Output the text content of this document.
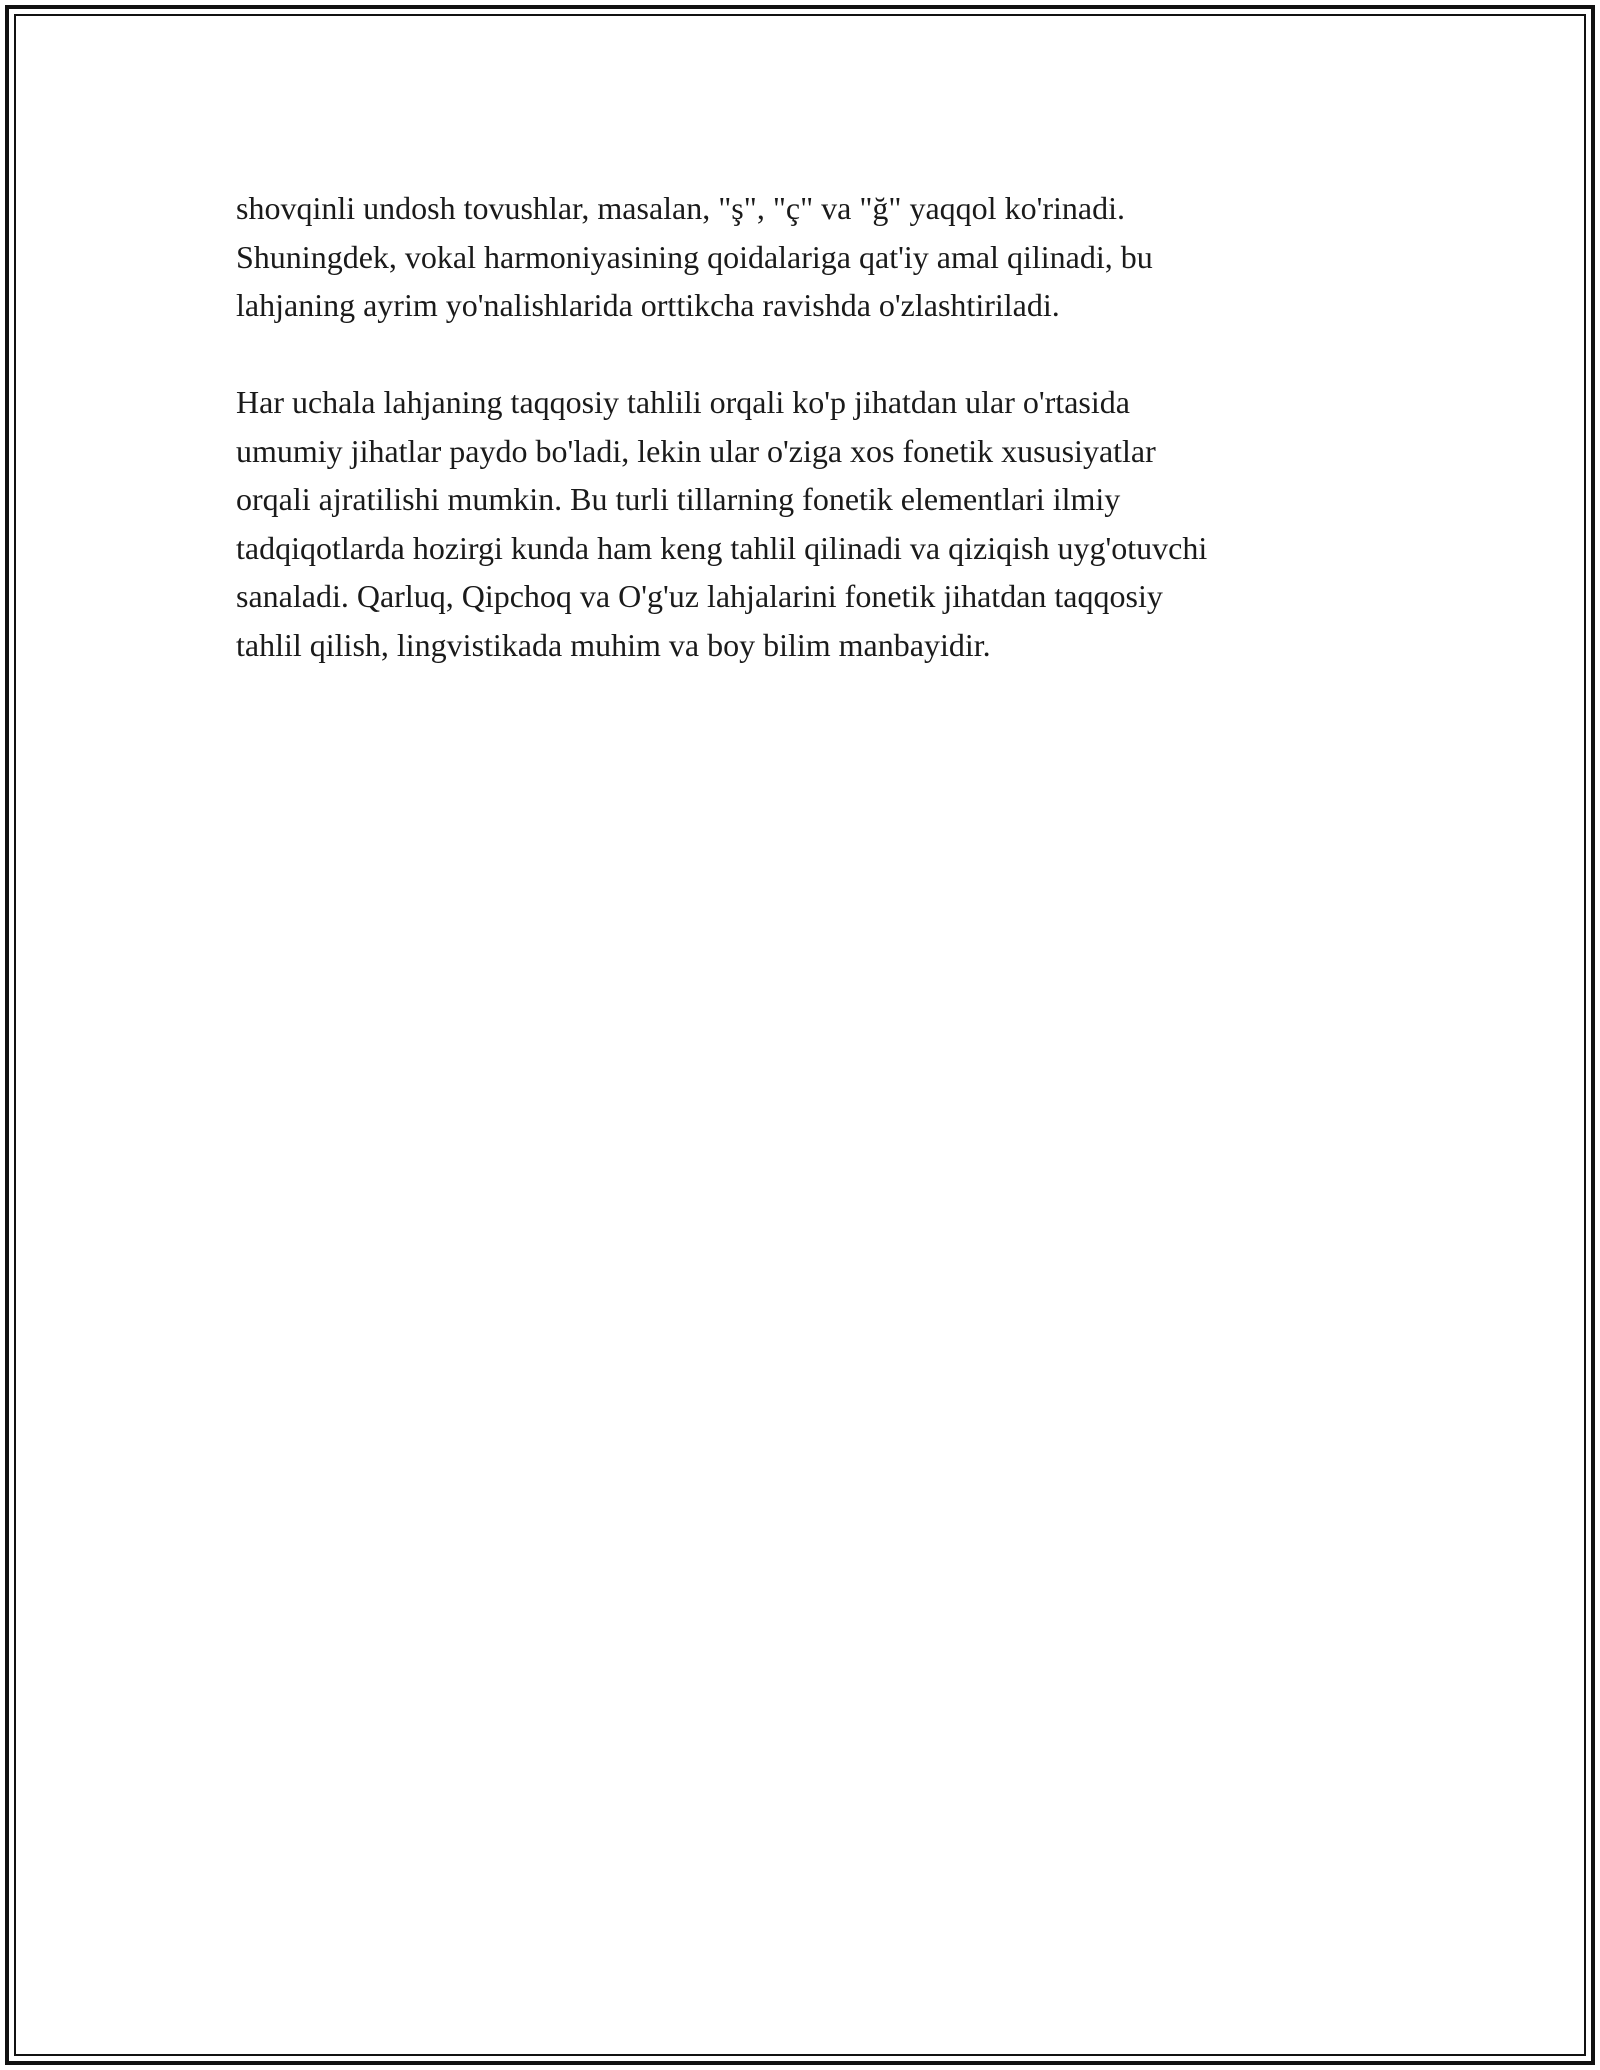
shovqinli undosh tovushlar, masalan, "ş", "ç" va "ğ" yaqqol ko'rinadi.
Shuningdek, vokal harmoniyasining qoidalariga qat'iy amal qilinadi, bu
lahjaning ayrim yo'nalishlarida orttikcha ravishda o'zlashtiriladi.

Har uchala lahjaning taqqosiy tahlili orqali ko'p jihatdan ular o'rtasida
umumiy jihatlar paydo bo'ladi, lekin ular o'ziga xos fonetik xususiyatlar
orqali ajratilishi mumkin. Bu turli tillarning fonetik elementlari ilmiy
tadqiqotlarda hozirgi kunda ham keng tahlil qilinadi va qiziqish uyg'otuvchi
sanaladi. Qarluq, Qipchoq va O'g'uz lahjalarini fonetik jihatdan taqqosiy
tahlil qilish, lingvistikada muhim va boy bilim manbayidir.
